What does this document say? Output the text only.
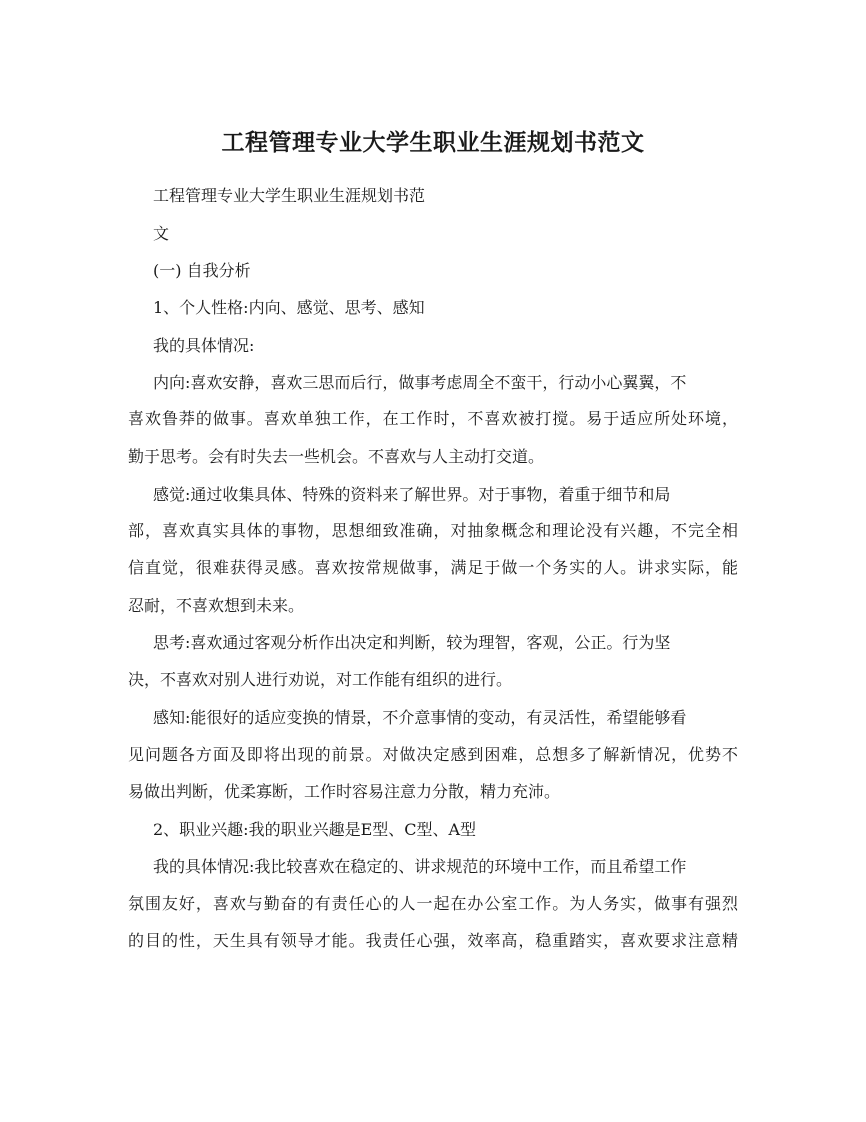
工程管理专业大学生职业生涯规划书范文

工程管理专业大学生职业生涯规划书范

文

(一) 自我分析

1、个人性格:内向、感觉、思考、感知

我的具体情况:

内向:喜欢安静，喜欢三思而后行，做事考虑周全不蛮干，行动小心翼翼，不

喜欢鲁莽的做事。喜欢单独工作，在工作时，不喜欢被打搅。易于适应所处环境，

勤于思考。会有时失去一些机会。不喜欢与人主动打交道。

感觉:通过收集具体、特殊的资料来了解世界。对于事物，着重于细节和局

部，喜欢真实具体的事物，思想细致准确，对抽象概念和理论没有兴趣，不完全相

信直觉，很难获得灵感。喜欢按常规做事，满足于做一个务实的人。讲求实际，能

忍耐，不喜欢想到未来。

思考:喜欢通过客观分析作出决定和判断，较为理智，客观，公正。行为坚

决，不喜欢对别人进行劝说，对工作能有组织的进行。

感知:能很好的适应变换的情景，不介意事情的变动，有灵活性，希望能够看

见问题各方面及即将出现的前景。对做决定感到困难，总想多了解新情况，优势不

易做出判断，优柔寡断，工作时容易注意力分散，精力充沛。

2、职业兴趣:我的职业兴趣是E型、C型、A型

我的具体情况:我比较喜欢在稳定的、讲求规范的环境中工作，而且希望工作

氛围友好，喜欢与勤奋的有责任心的人一起在办公室工作。为人务实，做事有强烈

的目的性，天生具有领导才能。我责任心强，效率高，稳重踏实，喜欢要求注意精
